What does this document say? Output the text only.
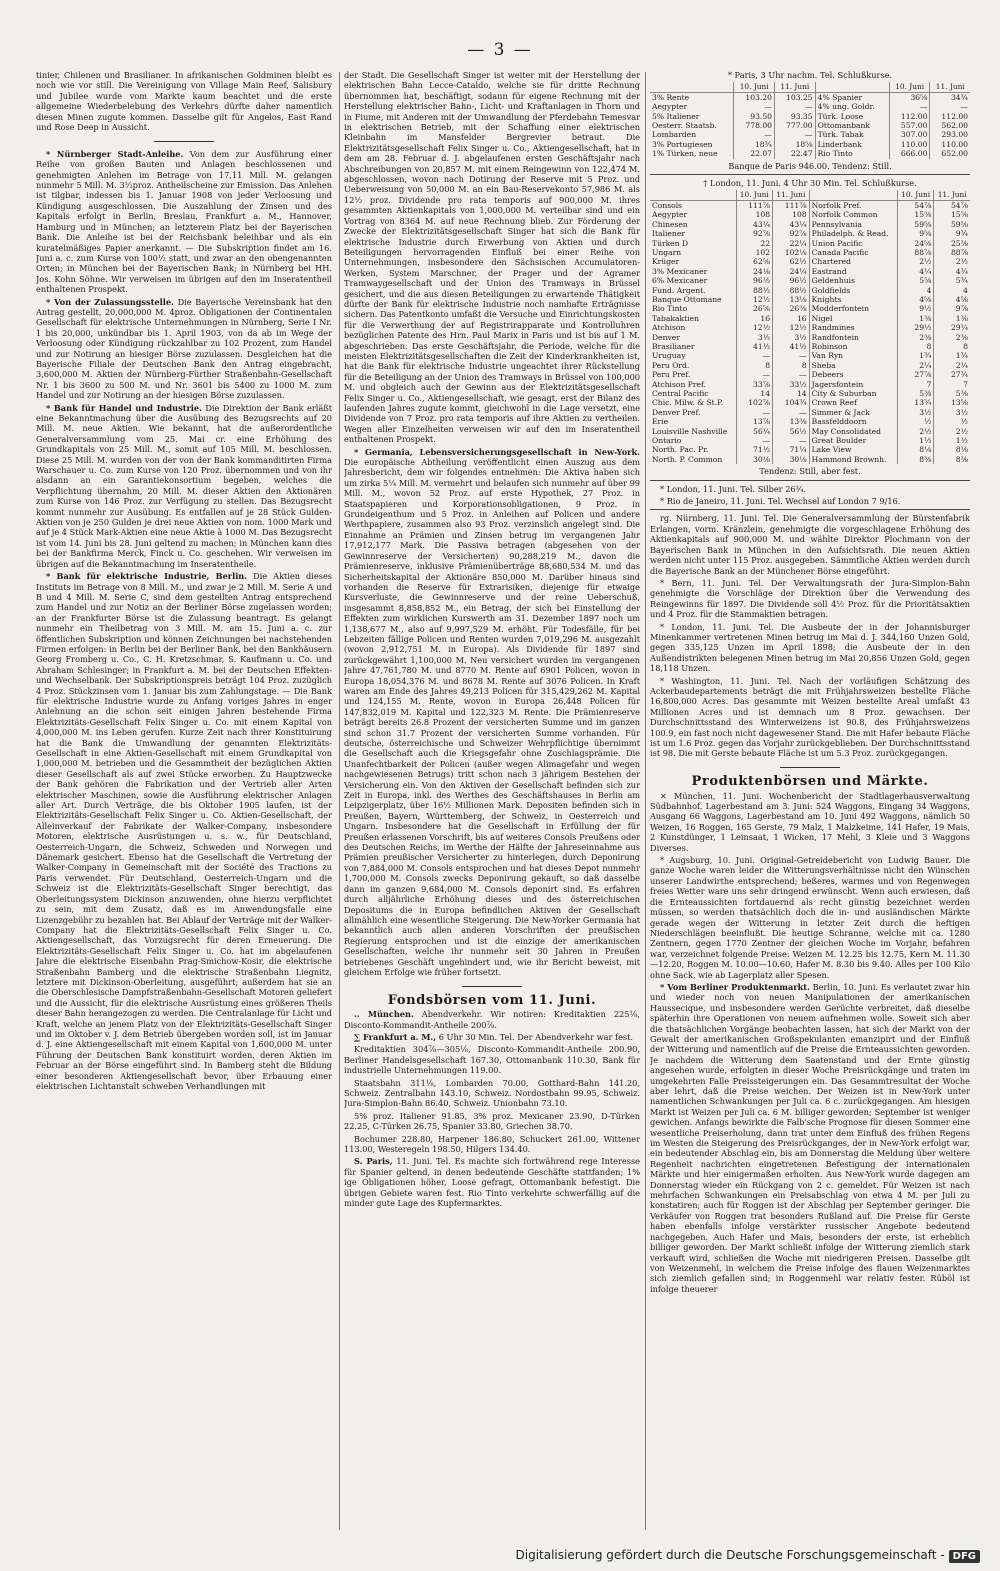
— 3 —

tinier, Chilenen und Brasilianer. In afrikanischen Goldminen bleibt es noch wie vor still. Die Vereinigung von Village Main Reef, Salisbury und Jubilee wurde vom Markte kaum beachtet und die erste allgemeine Wiederbelebung des Verkehrs dürfte daher namentlich diesen Minen zugute kommen. Dasselbe gilt für Angelos, East Rand und Rose Deep in Aussicht.

* Nürnberger Stadt-Anleihe. Von dem zur Ausführung einer Reihe von großen Bauten und Anlagen beschlossenen und genehmigten Anlehen im Betrage von 17,11 Mill. M. gelangen nunmehr 5 Mill. M. 3½proz. Antheilscheine zur Emission. Das Anlehen ist tilgbar, indessen bis 1. Januar 1908 von jeder Verloosung und Kündigung ausgeschlossen. Die Auszahlung der Zinsen und des Kapitals erfolgt in Berlin, Breslau, Frankfurt a. M., Hannover, Hamburg und in München; an letzterem Platz bei der Bayerischen Bank. Die Anleihe ist bei der Reichsbank beleihbar und als ein kuratelmäßiges Papier anerkannt. — Die Subskription findet am 16. Juni a. c. zum Kurse von 100½ statt, und zwar an den obengenannten Orten; in München bei der Bayerischen Bank; in Nürnberg bei HH. Jos. Kohn Söhne. Wir verweisen im übrigen auf den im Inseratentheil enthaltenen Prospekt.

* Von der Zulassungsstelle. Die Bayerische Vereinsbank hat den Antrag gestellt, 20,000,000 M. 4proz. Obligationen der Continentalen Gesellschaft für elektrische Unternehmungen in Nürnberg, Serie I Nr. 1 bis 20,000, unkündbar bis 1. April 1903, von da ab im Wege der Verloosung oder Kündigung rückzahlbar zu 102 Prozent, zum Handel und zur Notirung an hiesiger Börse zuzulassen. Desgleichen hat die Bayerische Filiale der Deutschen Bank den Antrag eingebracht, 3,600,000 M. Aktien der Nürnberg-Fürther Straßenbahn-Gesellschaft Nr. 1 bis 3600 zu 500 M. und Nr. 3601 bis 5400 zu 1000 M. zum Handel und zur Notirung an der hiesigen Börse zuzulassen.

* Bank für Handel und Industrie. Die Direktion der Bank erläßt eine Bekanntmachung über die Ausübung des Bezugsrechts auf 20 Mill. M. neue Aktien. Wie bekannt, hat die außerordentliche Generalversammlung vom 25. Mai cr. eine Erhöhung des Grundkapitals von 25 Mill. M., somit auf 105 Mill. M. beschlossen. Diese 25 Mill. M. wurden von der von der Bank kommanditirten Firma Warschauer u. Co. zum Kurse von 120 Proz. übernommen und von ihr alsdann an ein Garantiekonsortium begeben, welches die Verpflichtung übernahm, 20 Mill. M. dieser Aktien den Aktionären zum Kurse von 146 Proz. zur Verfügung zu stellen. Das Bezugsrecht kommt nunmehr zur Ausübung. Es entfallen auf je 28 Stück Gulden-Aktien von je 250 Gulden je drei neue Aktien von nom. 1000 Mark und auf je 4 Stück Mark-Aktien eine neue Aktie à 1000 M. Das Bezugsrecht ist vom 14. Juni bis 28. Juni geltend zu machen; in München kann dies bei der Bankfirma Merck, Finck u. Co. geschehen. Wir verweisen im übrigen auf die Bekanntmachung im Inseratentheile.

* Bank für elektrische Industrie, Berlin. Die Aktien dieses Instituts im Betrage von 8 Mill. M., und zwar je 2 Mill. M. Serie A und B und 4 Mill. M. Serie C, sind dem gestellten Antrag entsprechend zum Handel und zur Notiz an der Berliner Börse zugelassen worden; an der Frankfurter Börse ist die Zulassung beantragt. Es gelangt nunmehr ein Theilbetrag von 3 Mill. M. am 15. Juni a. c. zur öffentlichen Subskription und können Zeichnungen bei nachstehenden Firmen erfolgen: in Berlin bei der Berliner Bank, bei den Bankhäusern Georg Fromberg u. Co., C. H. Kretzschmar, S. Kaufmann u. Co. und Abraham Schlesinger; in Frankfurt a. M. bei der Deutschen Effekten- und Wechselbank. Der Subskriptionspreis beträgt 104 Proz. zuzüglich 4 Proz. Stückzinsen vom 1. Januar bis zum Zahlungstage. — Die Bank für elektrische Industrie wurde zu Anfang voriges Jahres in enger Anlehnung an die schon seit einigen Jahren bestehende Firma Elektrizitäts-Gesellschaft Felix Singer u. Co. mit einem Kapital von 4,000,000 M. ins Leben gerufen. Kurze Zeit nach ihrer Konstituirung hat die Bank die Umwandlung der genannten Elektrizitäts-Gesellschaft in eine Aktien-Gesellschaft mit einem Grundkapital von 1,000,000 M. betrieben und die Gesammtheit der bezüglichen Aktien dieser Gesellschaft als auf zwei Stücke erworben. Zu Hauptzwecke der Bank gehören die Fabrikation und der Vertrieb aller Arten elektrischer Maschinen, sowie die Ausführung elektrischer Anlagen aller Art. Durch Verträge, die bis Oktober 1905 laufen, ist der Elektrizitäts-Gesellschaft Felix Singer u. Co. Aktien-Gesellschaft, der Alleinverkauf der Fabrikate der Walker-Company, insbesondere Motoren, elektrische Ausrüstungen u. s. w., für Deutschland, Oesterreich-Ungarn, die Schweiz, Schweden und Norwegen und Dänemark gesichert. Ebenso hat die Gesellschaft die Vertretung der Walker-Company in Gemeinschaft mit der Société des Tractions zu Paris verwendet. Für Deutschland, Oesterreich-Ungarn und die Schweiz ist die Elektrizitäts-Gesellschaft Singer berechtigt, das Oberleitungssystem Dickinson anzuwenden, ohne hierzu verpflichtet zu sein, mit dem Zusatz, daß es im Anwendungsfalle eine Lizenzgebühr zu bezahlen hat. Bei Ablauf der Verträge mit der Walker-Company hat die Elektrizitäts-Gesellschaft Felix Singer u. Co. Aktiengesellschaft, das Vorzugsrecht für deren Erneuerung. Die Elektrizitäts-Gesellschaft Felix Singer u. Co. hat im abgelaufenen Jahre die elektrische Eisenbahn Prag-Smichow-Kosir, die elektrische Straßenbahn Bamberg und die elektrische Straßenbahn Liegnitz, letztere mit Dickinson-Oberleitung, ausgeführt; außerdem hat sie an die Oberschlesische Dampfstraßenbahn-Gesellschaft Motoren geliefert und die Aussicht, für die elektrische Ausrüstung eines größeren Theils dieser Bahn herangezogen zu werden. Die Centralanlage für Licht und Kraft, welche an jenem Platz von der Elektrizitäts-Gesellschaft Singer und im Oktober v. J. dem Betrieb übergeben worden soll, ist im Januar d. J. eine Aktiengesellschaft mit einem Kapital von 1,600,000 M. unter Führung der Deutschen Bank konstituirt worden, deren Aktien im Februar an der Börse eingeführt sind. In Bamberg steht die Bildung einer besonderen Aktiengesellschaft bevor, über Erbauung einer elektrischen Lichtanstalt schweben Verhandlungen mit

der Stadt. Die Gesellschaft Singer ist weiter mit der Herstellung der elektrischen Bahn Lecce-Cataldo, welche sie für dritte Rechnung übernommen hat, beschäftigt, sodann für eigene Rechnung mit der Herstellung elektrischer Bahn-, Licht- und Kraftanlagen in Thorn und in Fiume, mit Anderen mit der Umwandlung der Pferdebahn Temesvar in elektrischen Betrieb, mit der Schaffung einer elektrischen Kleinbahn im Mansfelder Bergrevier betraut. Die Elektrizitätsgesellschaft Felix Singer u. Co., Aktiengesellschaft, hat in dem am 28. Februar d. J. abgelaufenen ersten Geschäftsjahr nach Abschreibungen von 20,857 M. mit einem Reingewinn von 122,474 M. abgeschlossen, wovon nach Dotirung der Reserve mit 5 Proz. und Ueberweisung von 50,000 M. an ein Bau-Reservekonto 57,986 M. als 12½ proz. Dividende pro rata temporis auf 900,000 M. ihres gesammten Aktienkapitals von 1,000,000 M. verteilbar sind und ein Vortrag von 8364 M. auf neue Rechnung blieb. Zur Förderung der Zwecke der Elektrizitätsgesellschaft Singer hat sich die Bank für elektrische Industrie durch Erwerbung von Aktien und durch Beteiligungen hervorragenden Einfluß bei einer Reihe von Unternehmungen, insbesondere den Sächsischen Accumulatoren-Werken, System Marschner, der Prager und der Agramer Tramwaygesellschaft und der Union des Tramways in Brüssel gesichert, und die aus diesen Beteiligungen zu erwartende Thätigkeit dürfte der Bank für elektrische Industrie noch namhafte Erträgnisse sichern. Das Patentkonto umfaßt die Versuche und Einrichtungskosten für die Verwerthung der auf Registrirapparate und Kontrolluhren bezüglichen Patente des Hrn. Paul Marix in Paris und ist bis auf 1 M. abgeschrieben. Das erste Geschäftsjahr, die Periode, welche für die meisten Elektrizitätsgesellschaften die Zeit der Kinderkrankheiten ist, hat die Bank für elektrische Industrie ungeachtet ihrer Rückstellung für die Beteiligung an der Union des Tramways in Brüssel von 100,000 M. und obgleich auch der Gewinn aus der Elektrizitätsgesellschaft Felix Singer u. Co., Aktiengesellschaft, wie gesagt, erst der Bilanz des laufenden Jahres zugute kommt, gleichwohl in die Lage versetzt, eine Dividende von 7 Proz. pro rata temporis auf ihre Aktien zu vertheilen. Wegen aller Einzelheiten verweisen wir auf den im Inseratentheil enthaltenen Prospekt.

* Germania, Lebensversicherungsgesellschaft in New-York. Die europäische Abtheilung veröffentlicht einen Auszug aus dem Jahresbericht, dem wir folgendes entnehmen: Die Aktiva haben sich um zirka 5¼ Mill. M. vermehrt und belaufen sich nunmehr auf über 99 Mill. M., wovon 52 Proz. auf erste Hypothek, 27 Proz. in Staatspapieren und Korporationsobligationen, 9 Proz. in Grundeigenthum und 5 Proz. in Anleihen auf Policen und andere Werthpapiere, zusammen also 93 Proz. verzinslich angelegt sind. Die Einnahme an Prämien und Zinsen betrug im vergangenen Jahr 17,912,177 Mark. Die Passiva betragen (abgesehen von der Gewinnreserve der Versicherten) 90,288,219 M., davon die Prämienreserve, inklusive Prämienüberträge 88,680,534 M. und das Sicherheitskapital der Aktionäre 850,000 M. Darüber hinaus sind vorhanden die Reserve für Extrarisiken, diejenige für etwaige Kursverluste, die Gewinnreserve und der reine Ueberschuß, insgesammt 8,858,852 M., ein Betrag, der sich bei Einstellung der Effekten zum wirklichen Kurswerth am 31. Dezember 1897 noch um 1,138,677 M., also auf 9,997,529 M. erhöht. Für Todesfälle, für bei Lebzeiten fällige Policen und Renten wurden 7,019,296 M. ausgezahlt (wovon 2,912,751 M. in Europa). Als Dividende für 1897 sind zurückgewährt 1,100,000 M. Neu versichert wurden im vergangenen Jahre 47,761,780 M. und 8770 M. Rente auf 6901 Policen, wovon in Europa 18,054,376 M. und 8678 M. Rente auf 3076 Policen. In Kraft waren am Ende des Jahres 49,213 Policen für 315,429,262 M. Kapital und 124,155 M. Rente, wovon in Europa 26,448 Policen für 147,832,019 M. Kapital und 122,323 M. Rente. Die Prämienreserve beträgt bereits 26.8 Prozent der versicherten Summe und im ganzen sind schon 31.7 Prozent der versicherten Summe vorhanden. Für deutsche, österreichische und Schweizer Wehrpflichtige übernimmt die Gesellschaft auch die Kriegsgefahr ohne Zuschlagsprämie. Die Unanfechtbarkeit der Policen (außer wegen Alimagefahr und wegen nachgewiesenen Betrugs) tritt schon nach 3 jährigem Bestehen der Versicherung ein. Von den Aktiven der Gesellschaft befinden sich zur Zeit in Europa, inkl. des Werthes des Geschäftshauses in Berlin am Leipzigerplatz, über 16½ Millionen Mark. Depositen befinden sich in Preußen, Bayern, Württemberg, der Schweiz, in Oesterreich und Ungarn. Insbesondere hat die Gesellschaft in Erfüllung der für Preußen erlassenen Vorschrift, bis auf weiteres Consols Preußens oder des Deutschen Reichs, im Werthe der Hälfte der Jahreseinnahme aus Prämien preußischer Versicherter zu hinterlegen, durch Deponirung von 7,884,000 M. Consols entsprochen und hat dieses Depot nunmehr 1,700,000 M. Consols zwecks Deponirung gekauft, so daß dasselbe dann im ganzen 9,684,000 M. Consols deponirt sind. Es erfahren durch alljährliche Erhöhung dieses und des österreichischen Depositums die in Europa befindlichen Aktiven der Gesellschaft allmählich eine wesentliche Steigerung. Die New-Yorker Germania hat bekanntlich auch allen anderen Vorschriften der preußischen Regierung entsprochen und ist die einzige der amerikanischen Gesellschaften, welche ihr nunmehr seit 30 Jahren in Preußen betriebenes Geschäft ungehindert und, wie ihr Bericht beweist, mit gleichem Erfolge wie früher fortsetzt.

Fondsbörsen vom 11. Juni.

.. München. Abendverkehr. Wir notiren: Kreditaktien 225⅛, Disconto-Kommandit-Antheile 200⅞.

∑ Frankfurt a. M., 6 Uhr 30 Min. Tel. Der Abendverkehr war fest.

Kreditaktien 304⅞—305⅛, Disconto-Kommandit-Antheile 200.90, Berliner Handelsgesellschaft 167.30, Ottomanbank 110.30, Bank für industrielle Unternehmungen 119.00.

Staatsbahn 311⅛, Lombarden 70.00, Gotthard-Bahn 141.20, Schweiz. Zentralbahn 143.10, Schweiz. Nordostbahn 99.95, Schweiz. Jura-Simplon-Bahn 86.40, Schweiz. Unionbahn 73.10.

5% proz. Italiener 91.85, 3% proz. Mexicaner 23.90, D-Türken 22.25, C-Türken 26.75, Spanier 33.80, Griechen 38.70.

Bochumer 228.80, Harpener 186.80, Schuckert 261.00, Wittener 113.00, Westeregeln 198.50, Hilgers 134.40.

S. Paris, 11. Juni. Tel. Es machte sich fortwährend rege Interesse für Spanier geltend, in denen bedeutende Geschäfte stattfanden; 1% ige Obligationen höher, Loose gefragt, Ottomanbank befestigt. Die übrigen Gebiete waren fest. Rio Tinto verkehrte schwerfällig auf die minder gute Lage des Kupfermarktes.

* Paris, 3 Uhr nachm. Tel. Schlußkurse.

	10. Juni	11. Juni		10. Juni	11. Juni
3% Rente	103.20	103.25	4% Spanier	36⅝	34¾
Aegypter	—	—	4% ung. Goldr.	—	—
5% Italiener	93.50	93.35	Türk. Loose	112.00	112.00
Oesterr. Staatsb.	778.00	777.00	Ottomanbank	557.00	562.00
Lombarden	—	—	Türk. Tabak	307.00	293.00
3% Portugiesen	18¾	18⅝	Linderbank	110.00	110.00
1% Türken, neue	22.07	22.47	Rio Tinto	666.00	652.00

Banque de Paris 946.00. Tendenz: Still.

† London, 11. Juni. 4 Uhr 30 Min. Tel. Schlußkurse.

	10. Juni	11. Juni		10. Juni	11. Juni
Consols	111⅞	111⅞	Norfolk Pref.	54⅞	54⅞
Aegypter	108	108	Norfolk Common	15⅜	15⅝
Chinesen	43¼	43¼	Pennsylvania	59⅝	59⅝
Italiener	92⅞	92⅞	Philadelph. & Read.	9⅝	9¾
Türken D	22	22¼	Union Pacific	24⅝	25⅜
Ungarn	102	102⅛	Canada Pacific	88⅞	88⅞
Krüger	62⅝	62½	Chartered	2½	2½
3% Mexicaner	24⅛	24¼	Eastrand	4¼	4¾
6% Mexicaner	96½	96½	Geldenhuis	5⅝	5¾
Fund. Argent.	88½	88½	Goldfields	4	4
Banque Ottomane	12½	13⅛	Knights	4⅝	4⅝
Rio Tinto	26⅝	26⅜	Modderfontein	9½	9⅞
Tabakaktien	16	16	Nigel	1⅜	1⅜
Atchison	12½	12½	Randmines	29½	29¼
Denver	3½	3½	Randfontein	2⅜	2⅜
Brasilianer	41½	41½	Robinson	8	8
Uruguay	—	—	Van Ryn	1¾	1¾
Peru Ord.	8	8	Sheba	2¼	2¼
Peru Pref.	—	—	Debeers	27⅞	27¾
Atchison Pref.	33⅞	33½	Jagersfontein	7	7
Central Pacific	14	14	City & Suburban	5⅜	5⅜
Chic. Milw. & St.P.	102⅞	104¾	Crown Reef	13¾	13⅝
Denver Pref.	—	—	Simmer & Jack	3½	3½
Erie	13⅞	13⅜	Bassfelddoorn	½	½
Louisville Nashville	56¼	56½	May Consolidated	2½	2½
Ontario	—	—	Great Boulder	1½	1½
North. Pac. Pr.	71½	71¼	Lake View	8⅛	8⅛
North. P. Common	30⅛	30⅛	Hammond Brownh.	8⅜	8⅜

Tendenz: Still, aber fest.

* London, 11. Juni. Tel. Silber 26¾.

* Rio de Janeiro, 11. Juni. Tel. Wechsel auf London 7 9/16.

rg. Nürnberg, 11. Juni. Tel. Die Generalversammlung der Bürstenfabrik Erlangen, vorm. Kränzlein, genehmigte die vorgeschlagene Erhöhung des Aktienkapitals auf 900,000 M. und wählte Direktor Plochmann von der Bayerischen Bank in München in den Aufsichtsrath. Die neuen Aktien werden nicht unter 115 Proz. ausgegeben. Sämmtliche Aktien werden durch die Bayerische Bank an der Münchener Börse eingeführt.

* Bern, 11. Juni. Tel. Der Verwaltungsrath der Jura-Simplon-Bahn genehmigte die Vorschläge der Direktion über die Verwendung des Reingewinns für 1897. Die Dividende soll 4½ Proz. für die Prioritätsaktien und 4 Proz. für die Stammaktien betragen.

* London, 11. Juni. Tel. Die Ausbeute der in der Johannisburger Minenkammer vertretenen Minen betrug im Mai d. J. 344,160 Unzen Gold, gegen 335,125 Unzen im April 1898; die Ausbeute der in den Außendistrikten belegenen Minen betrug im Mai 20,856 Unzen Gold, gegen 18,118 Unzen.

* Washington, 11. Juni. Tel. Nach der vorläufigen Schätzung des Ackerbaudepartements beträgt die mit Frühjahrsweizen bestellte Fläche 16,800,000 Acres. Das gesammte mit Weizen bestellte Areal umfaßt 43 Millionen Acres und ist demnach um 8 Proz. gewachsen. Der Durchschnittsstand des Winterweizens ist 90.8, des Frühjahrsweizens 100.9, ein fast noch nicht dagewesener Stand. Die mit Hafer bebaute Fläche ist um 1.6 Proz. gegen das Vorjahr zurückgeblieben. Der Durchschnittsstand ist 98. Die mit Gerste bebaute Fläche ist um 5.3 Proz. zurückgegangen.

Produktenbörsen und Märkte.

✕ München, 11. Juni. Wochenbericht der Stadtlagerhausverwaltung Südbahnhof. Lagerbestand am 3. Juni: 524 Waggons, Eingang 34 Waggons, Ausgang 66 Waggons, Lagerbestand am 10. Juni 492 Waggons, nämlich 50 Weizen, 16 Roggen, 165 Gerste, 79 Malz, 1 Malzkeime, 141 Hafer, 19 Mais, 2 Kunstdünger, 1 Leinsaat, 1 Wicken, 17 Mehl, 3 Kleie und 3 Waggons Diverses.

* Augsburg, 10. Juni. Original-Getreidebericht von Ludwig Bauer. Die ganze Woche waren leider die Witterungsverhältnisse nicht den Wünschen unserer Landwirthe entsprechend; beßeres, warmes und von Regenwegen freies Wetter ware uns sehr dringend erwünscht. Wenn auch erwiesen, daß die Ernteaussichten fortdauernd als recht günstig bezeichnet werden müssen, so werden thatsächlich doch die in- und ausländischen Märkte gerade wegen der Witterung in letzter Zeit durch die heftigen Niederschlägen beeinflußt. Die heutige Schranne, welche mit ca. 1280 Zentnern, gegen 1770 Zentner der gleichen Woche im Vorjahr, befahren war, verzeichnet folgende Preise: Weizen M. 12.25 bis 12.75, Kern M. 11.30—12.20, Roggen M. 10.00—10.60, Hafer M. 8.30 bis 9.40. Alles per 100 Kilo ohne Sack, wie ab Lagerplatz aller Spesen.

* Vom Berliner Produktenmarkt. Berlin, 10. Juni. Es verlautet zwar hin und wieder noch von neuen Manipulationen der amerikanischen Haussecique, und insbesondere werden Gerüchte verbreitet, daß dieselbe späterhin ihre Operationen von neuem aufnehmen wolle. Soweit sich aber die thatsächlichen Vorgänge beobachten lassen, hat sich der Markt von der Gewalt der amerikanischen Großspekulanten emanzipirt und der Einfluß der Witterung und namentlich auf die Preise die Ernteaussichten geworden. Je nachdem die Witterung dem Saatenstand und der Ernte günstig angesehen wurde, erfolgten in dieser Woche Preisrückgänge und traten im umgekehrten Falle Preissteigerungen ein. Das Gesammtresultat der Woche aber lehrt, daß die Preise weichen. Der Weizen ist in New-York unter namentlichen Schwankungen per Juli ca. 6 c. zurückgegangen. Am hiesigen Markt ist Weizen per Juli ca. 6 M. billiger geworden; September ist weniger gewichen. Anfangs bewirkte die Falb'sche Prognose für diesen Sommer eine wesentliche Preiserholung, dann trat unter dem Einfluß des frühen Regens im Westen die Steigerung des Preisrückganges, der in New-York erfolgt war, ein bedeutender Abschlag ein, bis am Donnerstag die Meldung über weitere Regenheit nachrichten eingetretenen Befestigung der internationalen Märkte und hier einigermaßen erholten. Aus New-York wurde dagegen am Donnerstag wieder ein Rückgang von 2 c. gemeldet. Für Weizen ist nach mehrfachen Schwankungen ein Preisabschlag von etwa 4 M. per Juli zu konstatiren; auch für Roggen ist der Abschlag per September geringer. Die Verkäufer von Roggen trat besonders Rußland auf. Die Preise für Gerste haben ebenfalls infolge verstärkter russischer Angebote bedeutend nachgegeben. Auch Hafer und Mais, besonders der erste, ist erheblich billiger geworden. Der Markt schließt infolge der Witterung ziemlich stark verkauft wird, schließen die Woche mit niedrigeren Preisen. Dasselbe gilt von Weizenmehl, in welchem die Preise infolge des flauen Weizenmarktes sich ziemlich gefallen sind; in Roggenmehl war relativ fester. Rüböl ist infolge theuerer

Digitalisierung gefördert durch die Deutsche Forschungsgemeinschaft - DFG
